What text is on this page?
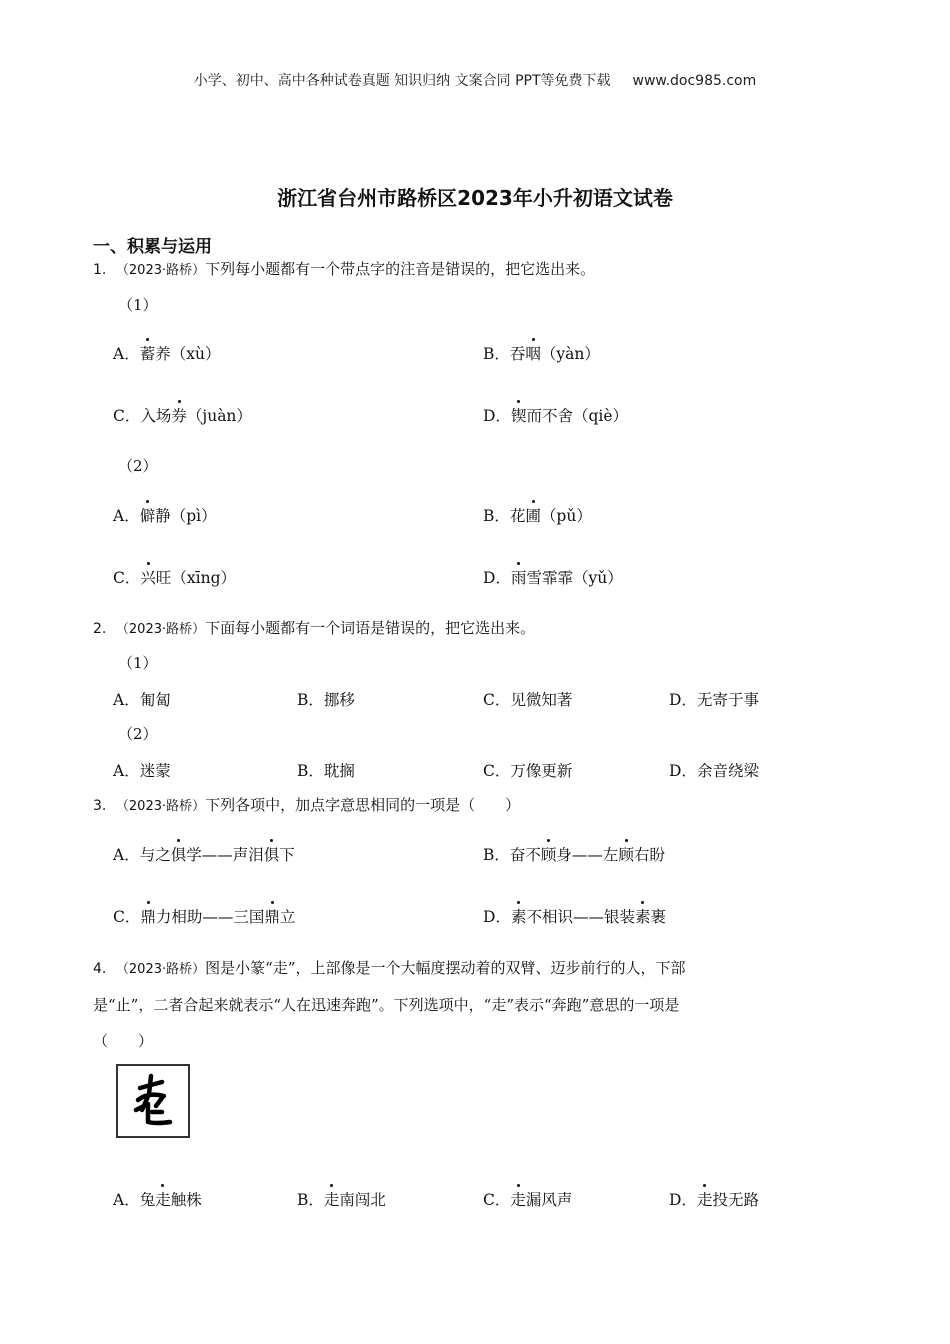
小学、初中、高中各种试卷真题 知识归纳 文案合同 PPT等免费下载 www.doc985.com
浙江省台州市路桥区2023年小升初语文试卷
一、积累与运用
1. （2023·路桥）下列每小题都有一个带点字的注音是错误的，把它选出来。
（1）
A．蓄养（xù）	B．吞咽（yàn）
C．入场券（juàn）	D．锲而不舍（qiè）
（2）
A．僻静（pì）	B．花圃（pǔ）
C．兴旺（xīng）	D．雨雪霏霏（yǔ）
2. （2023·路桥）下面每小题都有一个词语是错误的，把它选出来。
（1）
A．匍匐	B．挪移	C．见微知著	D．无寄于事
（2）
A．迷蒙	B．耽搁	C．万像更新	D．余音绕梁
3. （2023·路桥）下列各项中，加点字意思相同的一项是（　　）
A．与之俱学——声泪俱下	B．奋不顾身——左顾右盼
C．鼎力相助——三国鼎立	D．素不相识——银装素裹
4. （2023·路桥）图是小篆“走”，上部像是一个大幅度摆动着的双臂、迈步前行的人，下部
是“止”，二者合起来就表示“人在迅速奔跑”。下列选项中，“走”表示“奔跑”意思的一项是
（　　）
A．兔走触株	B．走南闯北	C．走漏风声	D．走投无路
